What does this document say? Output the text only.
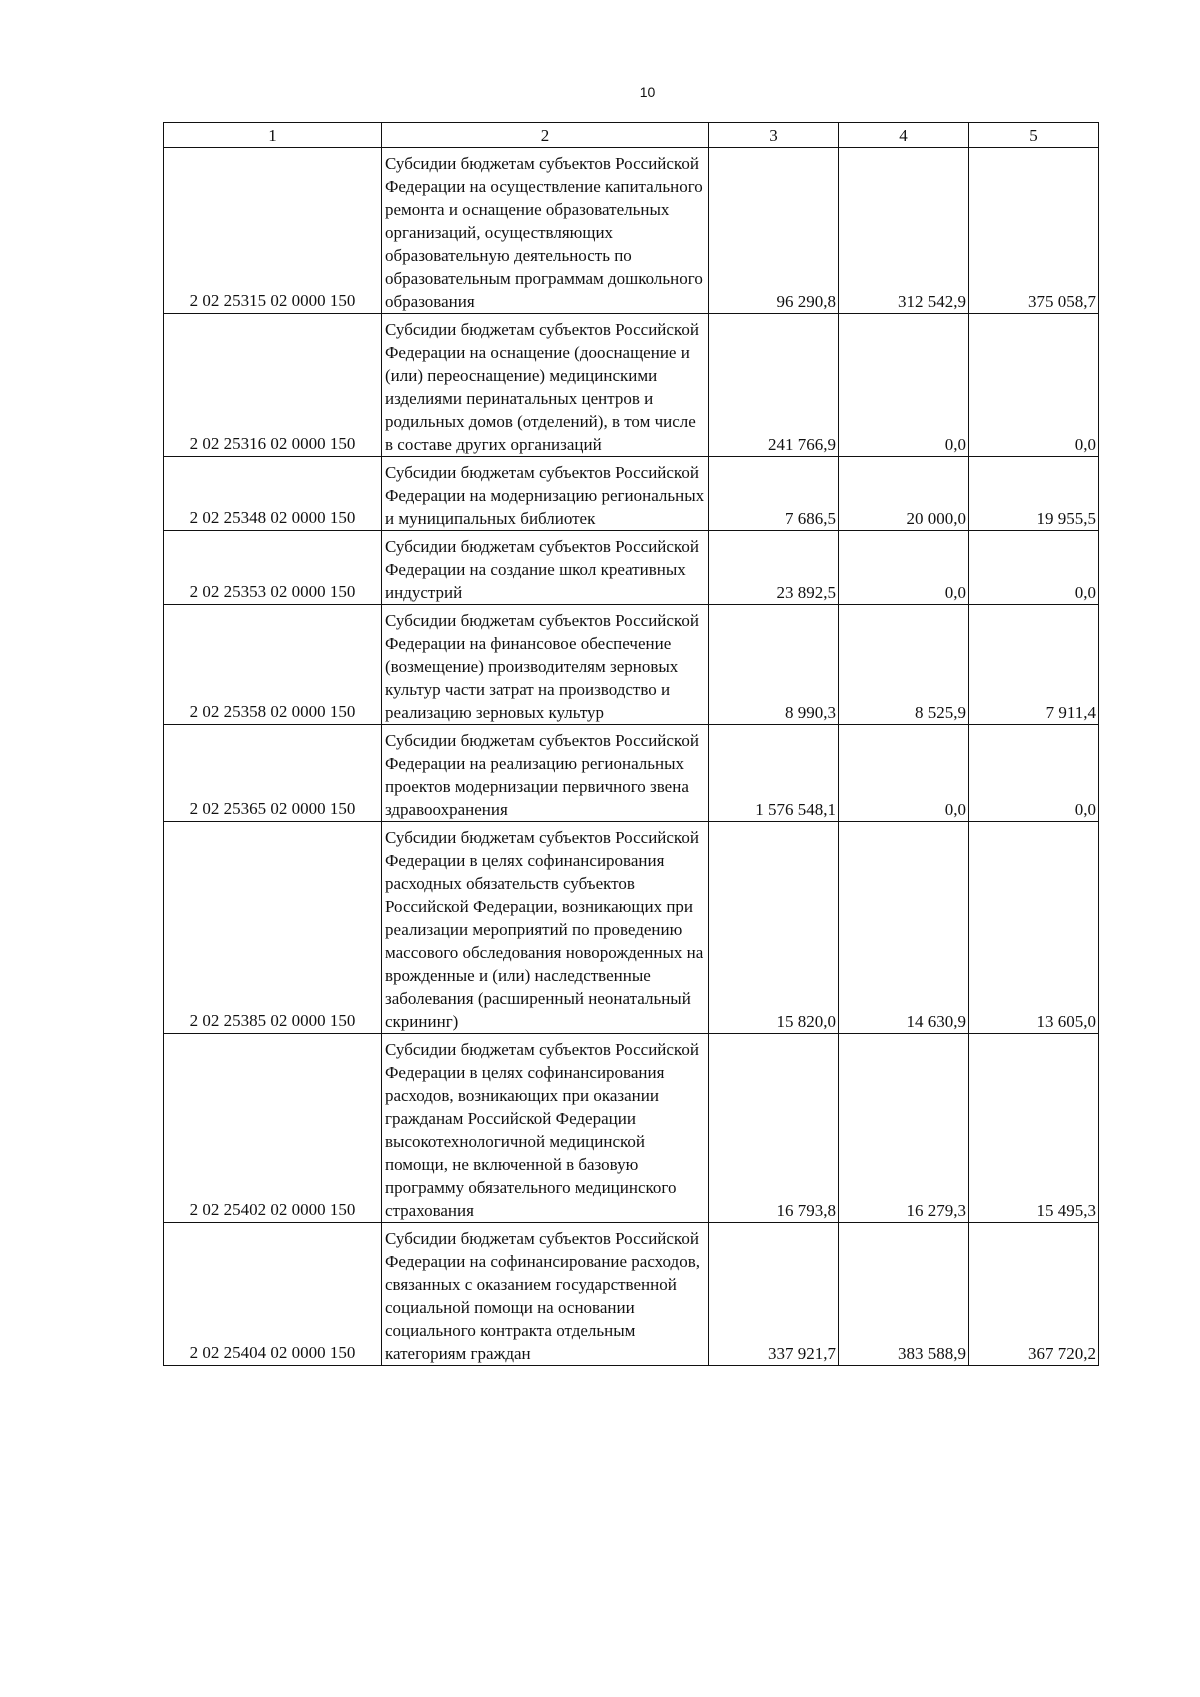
10
1	2	3	4	5
2 02 25315 02 0000 150	Субсидии бюджетам субъектов Российской Федерации на осуществление капитального ремонта и оснащение образовательных организаций, осуществляющих образовательную деятельность по образовательным программам дошкольного образования	96 290,8	312 542,9	375 058,7
2 02 25316 02 0000 150	Субсидии бюджетам субъектов Российской Федерации на оснащение (дооснащение и (или) переоснащение) медицинскими изделиями перинатальных центров и родильных домов (отделений), в том числе в составе других организаций	241 766,9	0,0	0,0
2 02 25348 02 0000 150	Субсидии бюджетам субъектов Российской Федерации на модернизацию региональных и муниципальных библиотек	7 686,5	20 000,0	19 955,5
2 02 25353 02 0000 150	Субсидии бюджетам субъектов Российской Федерации на создание школ креативных индустрий	23 892,5	0,0	0,0
2 02 25358 02 0000 150	Субсидии бюджетам субъектов Российской Федерации на финансовое обеспечение (возмещение) производителям зерновых культур части затрат на производство и реализацию зерновых культур	8 990,3	8 525,9	7 911,4
2 02 25365 02 0000 150	Субсидии бюджетам субъектов Российской Федерации на реализацию региональных проектов модернизации первичного звена здравоохранения	1 576 548,1	0,0	0,0
2 02 25385 02 0000 150	Субсидии бюджетам субъектов Российской Федерации в целях софинансирования расходных обязательств субъектов Российской Федерации, возникающих при реализации мероприятий по проведению массового обследования новорожденных на врожденные и (или) наследственные заболевания (расширенный неонатальный скрининг)	15 820,0	14 630,9	13 605,0
2 02 25402 02 0000 150	Субсидии бюджетам субъектов Российской Федерации в целях софинансирования расходов, возникающих при оказании гражданам Российской Федерации высокотехнологичной медицинской помощи, не включенной в базовую программу обязательного медицинского страхования	16 793,8	16 279,3	15 495,3
2 02 25404 02 0000 150	Субсидии бюджетам субъектов Российской Федерации на софинансирование расходов, связанных с оказанием государственной социальной помощи на основании социального контракта отдельным категориям граждан	337 921,7	383 588,9	367 720,2
